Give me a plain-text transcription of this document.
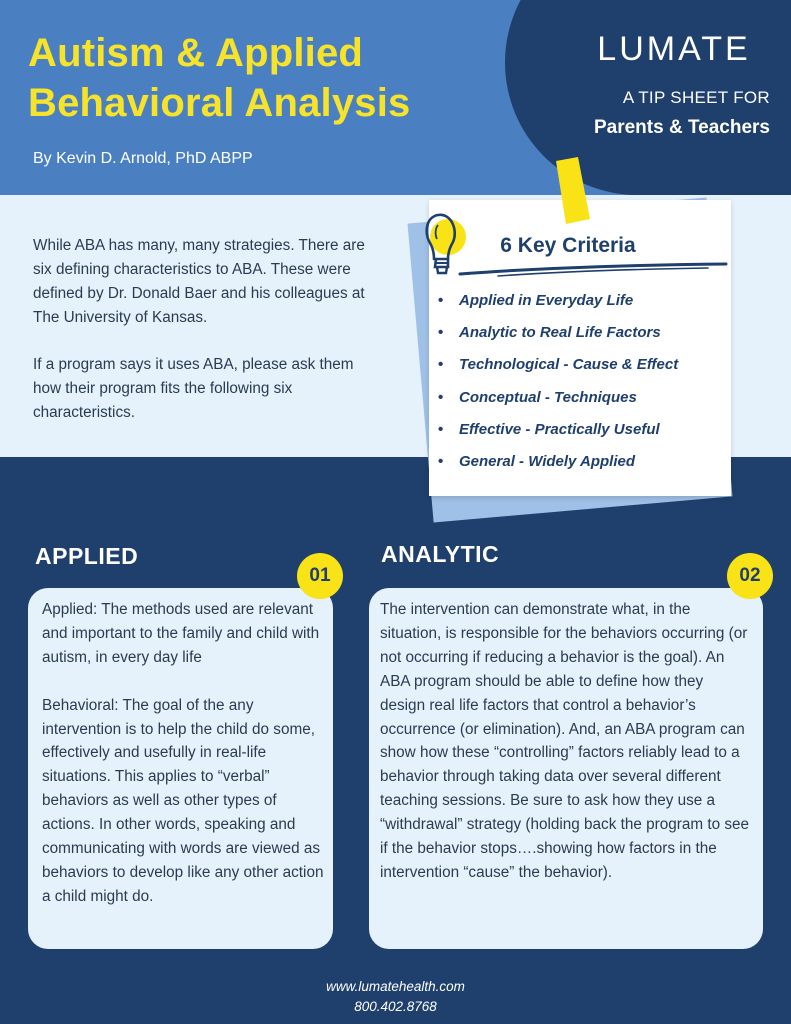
Autism & Applied
Behavioral Analysis
By Kevin D. Arnold, PhD ABPP
LUMATE
A TIP SHEET FOR
Parents & Teachers

While ABA has many, many strategies. There are six defining characteristics to ABA. These were defined by Dr. Donald Baer and his colleagues at The University of Kansas.

If a program says it uses ABA, please ask them how their program fits the following six characteristics.

6 Key Criteria
• Applied in Everyday Life
• Analytic to Real Life Factors
• Technological - Cause & Effect
• Conceptual - Techniques
• Effective - Practically Useful
• General - Widely Applied
APPLIED
01

Applied: The methods used are relevant and important to the family and child with autism, in every day life

Behavioral: The goal of the any intervention is to help the child do some, effectively and usefully in real-life situations. This applies to “verbal” behaviors as well as other types of actions. In other words, speaking and communicating with words are viewed as behaviors to develop like any other action a child might do.

ANALYTIC
02

The intervention can demonstrate what, in the situation, is responsible for the behaviors occurring (or not occurring if reducing a behavior is the goal). An ABA program should be able to define how they design real life factors that control a behavior’s occurrence (or elimination). And, an ABA program can show how these “controlling” factors reliably lead to a behavior through taking data over several different teaching sessions. Be sure to ask how they use a “withdrawal” strategy (holding back the program to see if the behavior stops….showing how factors in the intervention “cause” the behavior).

www.lumatehealth.com
800.402.8768
